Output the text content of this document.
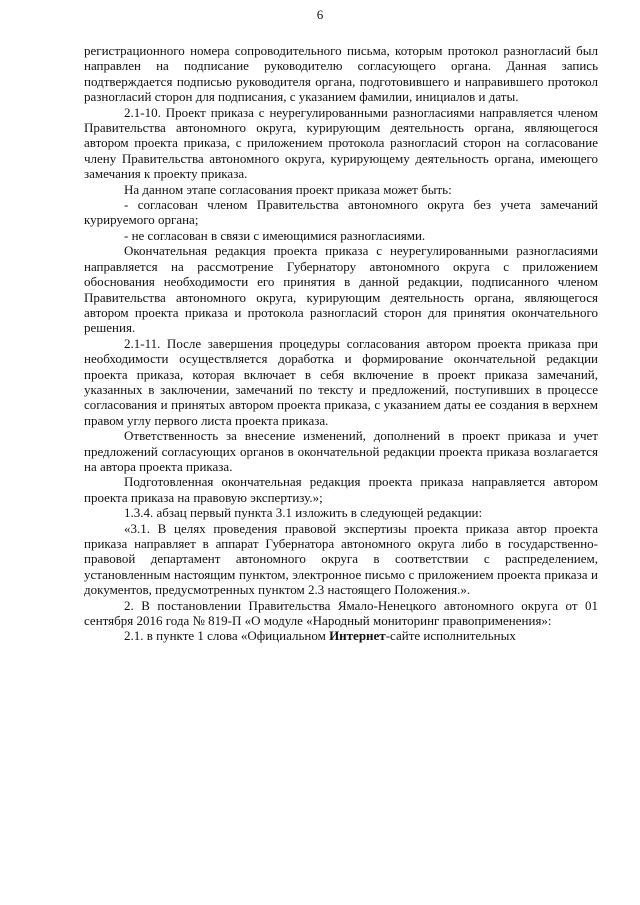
6

регистрационного номера сопроводительного письма, которым протокол разногласий был направлен на подписание руководителю согласующего органа. Данная запись подтверждается подписью руководителя органа, подготовившего и направившего протокол разногласий сторон для подписания, с указанием фамилии, инициалов и даты.

2.1-10. Проект приказа с неурегулированными разногласиями направляется членом Правительства автономного округа, курирующим деятельность органа, являющегося автором проекта приказа, с приложением протокола разногласий сторон на согласование члену Правительства автономного округа, курирующему деятельность органа, имеющего замечания к проекту приказа.

На данном этапе согласования проект приказа может быть:

- согласован членом Правительства автономного округа без учета замечаний курируемого органа;

- не согласован в связи с имеющимися разногласиями.

Окончательная редакция проекта приказа с неурегулированными разногласиями направляется на рассмотрение Губернатору автономного округа с приложением обоснования необходимости его принятия в данной редакции, подписанного членом Правительства автономного округа, курирующим деятельность органа, являющегося автором проекта приказа и протокола разногласий сторон для принятия окончательного решения.

2.1-11. После завершения процедуры согласования автором проекта приказа при необходимости осуществляется доработка и формирование окончательной редакции проекта приказа, которая включает в себя включение в проект приказа замечаний, указанных в заключении, замечаний по тексту и предложений, поступивших в процессе согласования и принятых автором проекта приказа, с указанием даты ее создания в верхнем правом углу первого листа проекта приказа.

Ответственность за внесение изменений, дополнений в проект приказа и учет предложений согласующих органов в окончательной редакции проекта приказа возлагается на автора проекта приказа.

Подготовленная окончательная редакция проекта приказа направляется автором проекта приказа на правовую экспертизу.»;

1.3.4. абзац первый пункта 3.1 изложить в следующей редакции:

«3.1. В целях проведения правовой экспертизы проекта приказа автор проекта приказа направляет в аппарат Губернатора автономного округа либо в государственно-правовой департамент автономного округа в соответствии с распределением, установленным настоящим пунктом, электронное письмо с приложением проекта приказа и документов, предусмотренных пунктом 2.3 настоящего Положения.».

2. В постановлении Правительства Ямало-Ненецкого автономного округа от 01 сентября 2016 года № 819-П «О модуле «Народный мониторинг правоприменения»:

2.1. в пункте 1 слова «Официальном Интернет-сайте исполнительных
